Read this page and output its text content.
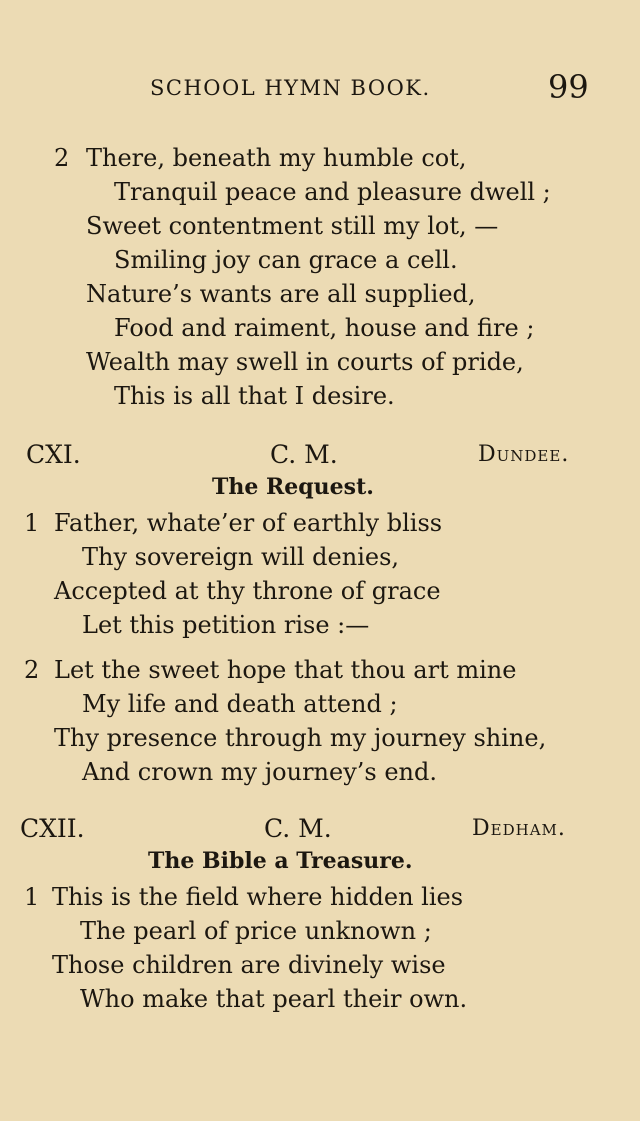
SCHOOL HYMN BOOK.	99
2 There, beneath my humble cot,
Tranquil peace and pleasure dwell ;
Sweet contentment still my lot, —
Smiling joy can grace a cell.
Nature’s wants are all supplied,
Food and raiment, house and fire ;
Wealth may swell in courts of pride,
This is all that I desire.
CXI.	C. M.	Dundee.
The Request.
1 Father, whate’er of earthly bliss
Thy sovereign will denies,
Accepted at thy throne of grace
Let this petition rise :—
2 Let the sweet hope that thou art mine
My life and death attend ;
Thy presence through my journey shine,
And crown my journey’s end.
CXII.	C. M.	Dedham.
The Bible a Treasure.
1 This is the field where hidden lies
The pearl of price unknown ;
Those children are divinely wise
Who make that pearl their own.
